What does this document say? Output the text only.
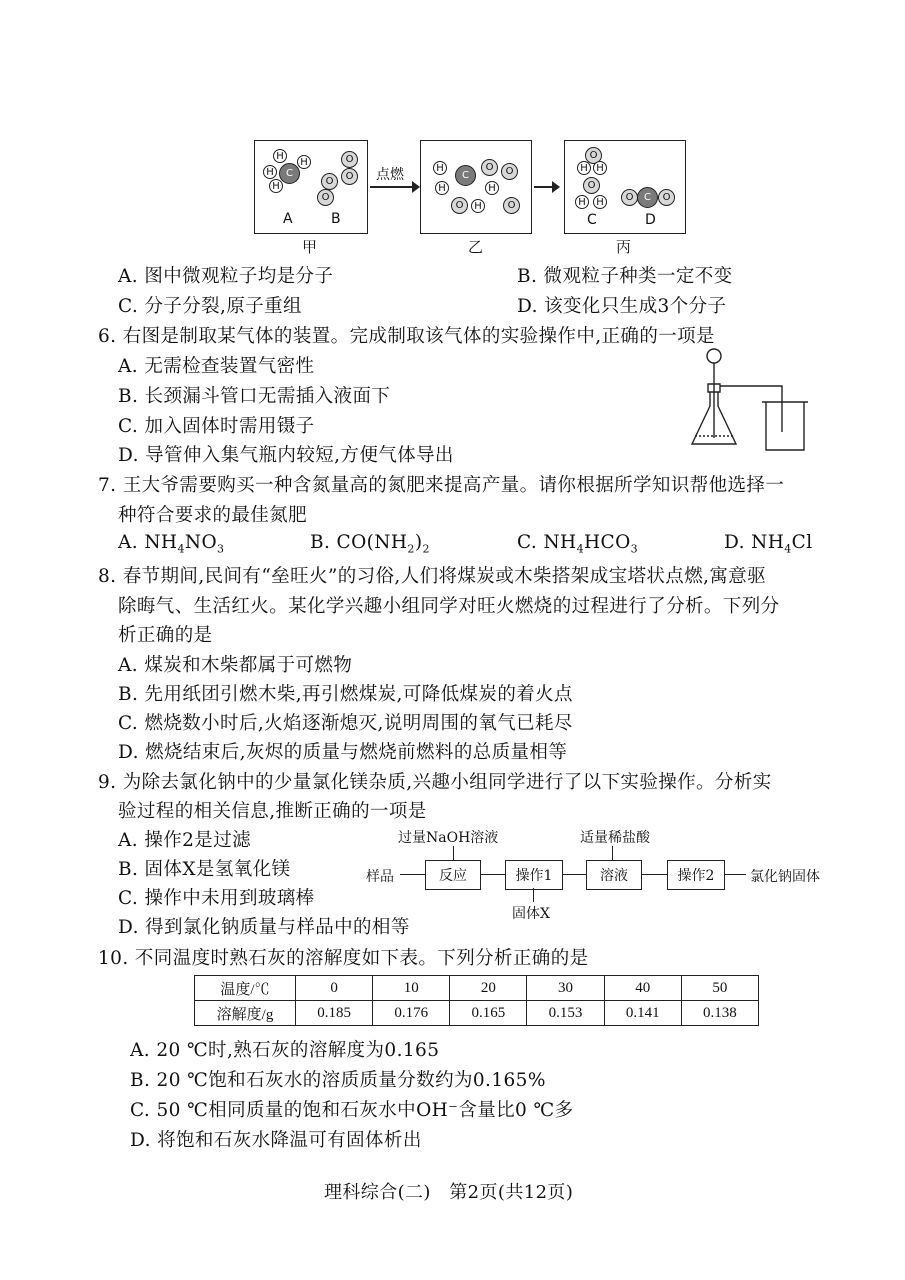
H
H
C
H
H
O
O
O
O
A	B
甲
点燃	H
H
C
O	O
H
O	H	O
乙
O
H H
O
H	H	O	C	O
C	D
丙
A. 图中微观粒子均是分子	B. 微观粒子种类一定不变
C. 分子分裂,原子重组	D. 该变化只生成3个分子
6. 右图是制取某气体的装置。完成制取该气体的实验操作中,正确的一项是
A. 无需检查装置气密性
B. 长颈漏斗管口无需插入液面下
C. 加入固体时需用镊子
D. 导管伸入集气瓶内较短,方便气体导出
7. 王大爷需要购买一种含氮量高的氮肥来提高产量。请你根据所学知识帮他选择一
种符合要求的最佳氮肥
A. $NH_4NO_3$	B. $CO(NH_2)_2$	C. $NH_4HCO_3$	D. $NH_4Cl$
8. 春节期间,民间有“垒旺火”的习俗,人们将煤炭或木柴搭架成宝塔状点燃,寓意驱
除晦气、生活红火。某化学兴趣小组同学对旺火燃烧的过程进行了分析。下列分
析正确的是
A. 煤炭和木柴都属于可燃物
B. 先用纸团引燃木柴,再引燃煤炭,可降低煤炭的着火点
C. 燃烧数小时后,火焰逐渐熄灭,说明周围的氧气已耗尽
D. 燃烧结束后,灰烬的质量与燃烧前燃料的总质量相等
9. 为除去氯化钠中的少量氯化镁杂质,兴趣小组同学进行了以下实验操作。分析实
验过程的相关信息,推断正确的一项是
A. 操作2是过滤
B. 固体X是氢氧化镁
C. 操作中未用到玻璃棒
D. 得到氯化钠质量与样品中的相等
过量NaOH溶液	适量稀盐酸
样品	反应	操作1	溶液	操作2	氯化钠固体
固体X
10. 不同温度时熟石灰的溶解度如下表。下列分析正确的是
温度/℃	0	10	20	30	40	50
溶解度/g	0.185	0.176	0.165	0.153	0.141	0.138
A. 20 ℃时,熟石灰的溶解度为0.165
B. 20 ℃饱和石灰水的溶质质量分数约为0.165%
C. 50 ℃相同质量的饱和石灰水中OH⁻含量比0 ℃多
D. 将饱和石灰水降温可有固体析出
理科综合(二)　第2页(共12页)
